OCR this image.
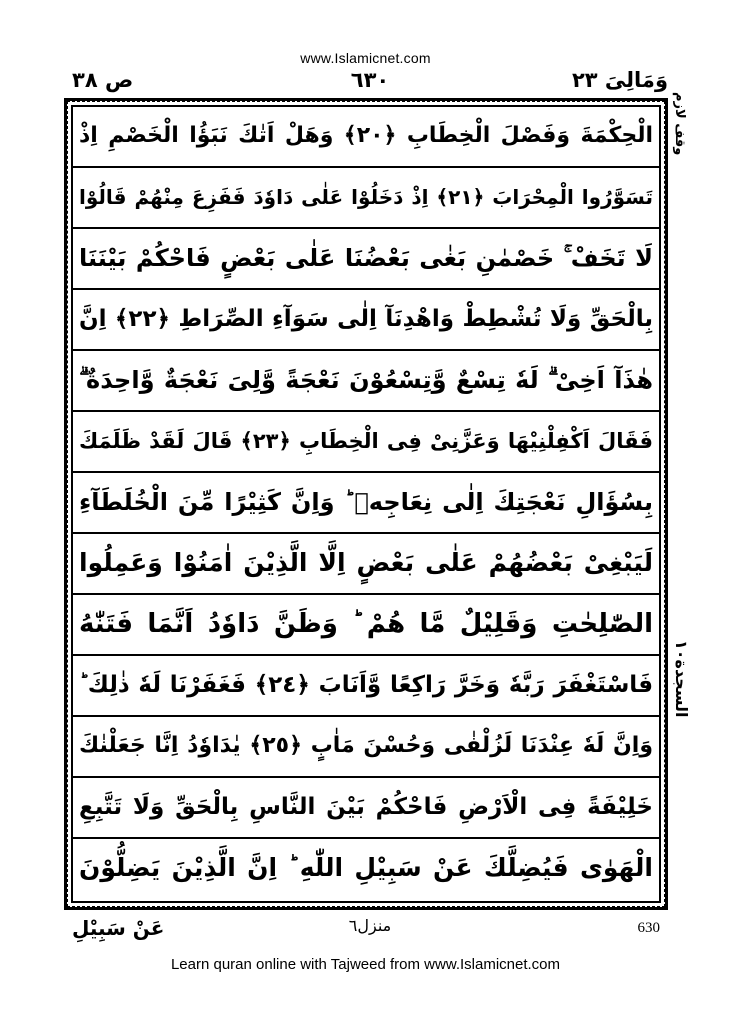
www.Islamicnet.com
ص ٣٨	٦٣٠	وَمَالِىَ ٢٣
وقف لازم
السجدة١٠
الْحِكْمَةَ وَفَصْلَ الْخِطَابِ ﴿٢٠﴾ وَهَلْ اَتٰكَ نَبَؤُا الْخَصْمِ اِذْ
تَسَوَّرُوا الْمِحْرَابَ ﴿٢١﴾ اِذْ دَخَلُوْا عَلٰى دَاوٗدَ فَفَزِعَ مِنْهُمْ قَالُوْا
لَا تَخَفْ ۚ خَصْمٰنِ بَغٰى بَعْضُنَا عَلٰى بَعْضٍ فَاحْكُمْ بَيْنَنَا
بِالْحَقِّ وَلَا تُشْطِطْ وَاهْدِنَآ اِلٰى سَوَآءِ الصِّرَاطِ ﴿٢٢﴾ اِنَّ
هٰذَآ اَخِىْ ۗ لَهٗ تِسْعٌ وَّتِسْعُوْنَ نَعْجَةً وَّلِىَ نَعْجَةٌ وَّاحِدَةٌ ۗ
فَقَالَ اَكْفِلْنِيْهَا وَعَزَّنِىْ فِى الْخِطَابِ ﴿٢٣﴾ قَالَ لَقَدْ ظَلَمَكَ
بِسُؤَالِ نَعْجَتِكَ اِلٰى نِعَاجِهٖ ؕ وَاِنَّ كَثِيْرًا مِّنَ الْخُلَطَآءِ
لَيَبْغِىْ بَعْضُهُمْ عَلٰى بَعْضٍ اِلَّا الَّذِيْنَ اٰمَنُوْا وَعَمِلُوا
الصّٰلِحٰتِ وَقَلِيْلٌ مَّا هُمْ ؕ وَظَنَّ دَاوٗدُ اَنَّمَا فَتَنّٰهُ
فَاسْتَغْفَرَ رَبَّهٗ وَخَرَّ رَاكِعًا وَّاَنَابَ ﴿٢٤﴾ فَغَفَرْنَا لَهٗ ذٰلِكَ ؕ
وَاِنَّ لَهٗ عِنْدَنَا لَزُلْفٰى وَحُسْنَ مَاٰبٍ ﴿٢٥﴾ يٰدَاوٗدُ اِنَّا جَعَلْنٰكَ
خَلِيْفَةً فِى الْاَرْضِ فَاحْكُمْ بَيْنَ النَّاسِ بِالْحَقِّ وَلَا تَتَّبِعِ
الْهَوٰى فَيُضِلَّكَ عَنْ سَبِيْلِ اللّٰهِ ؕ اِنَّ الَّذِيْنَ يَضِلُّوْنَ
عَنْ سَبِيْلِ	منزل٦	630
Learn quran online with Tajweed from www.Islamicnet.com
